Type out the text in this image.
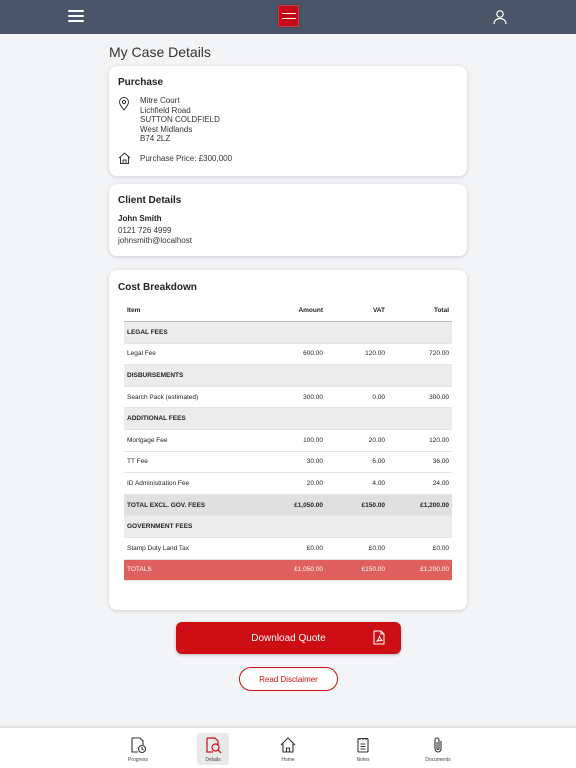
My Case Details
Purchase
Mitre Court
Lichfield Road
SUTTON COLDFIELD
West Midlands
B74 2LZ
Purchase Price: £300,000
Client Details
John Smith
0121 726 4999
johnsmith@localhost
Cost Breakdown
Item	Amount	VAT	Total
LEGAL FEES			
Legal Fee	600.00	120.00	720.00
DISBURSEMENTS			
Search Pack (estimated)	300.00	0.00	300.00
ADDITIONAL FEES			
Mortgage Fee	100.00	20.00	120.00
TT Fee	30.00	6.00	36.00
ID Administration Fee	20.00	4.00	24.00
TOTAL EXCL. GOV. FEES	£1,050.00	£150.00	£1,200.00
GOVERNMENT FEES			
Stamp Duty Land Tax	£0.00	£0.00	£0.00
TOTALS	£1,050.00	£150.00	£1,200.00
Download Quote
Read Disclaimer
Progress	Details	Home	Notes	Documents
